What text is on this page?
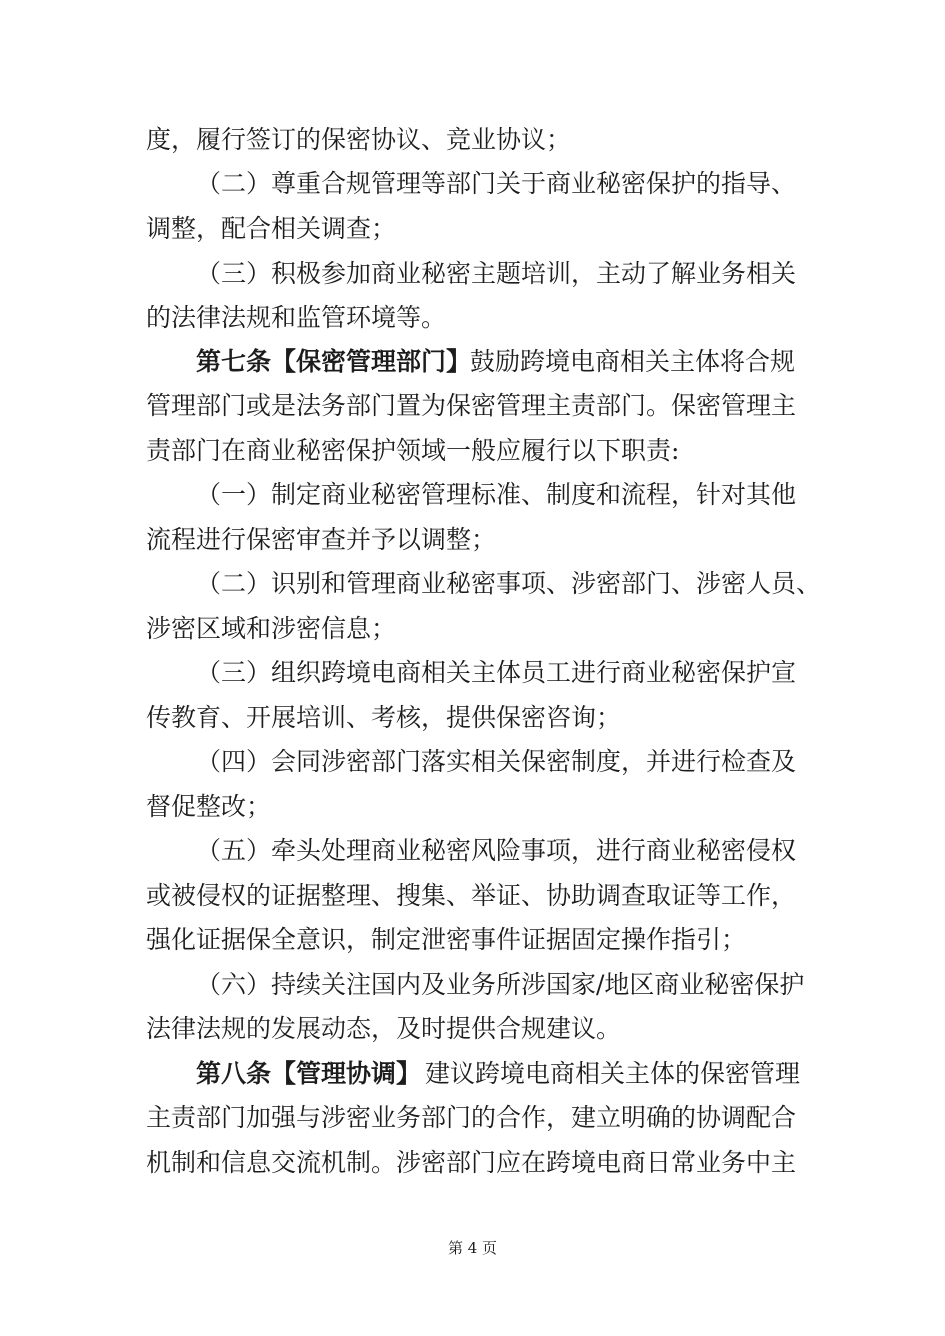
度，履行签订的保密协议、竞业协议；
（二）尊重合规管理等部门关于商业秘密保护的指导、
调整，配合相关调查；
（三）积极参加商业秘密主题培训，主动了解业务相关
的法律法规和监管环境等。
第七条【保密管理部门】
鼓励跨境电商相关主体将合规
管理部门或是法务部门置为保密管理主责部门。保密管理主
责部门在商业秘密保护领域一般应履行以下职责:
（一）制定商业秘密管理标准、制度和流程，针对其他
流程进行保密审查并予以调整；
（二）识别和管理商业秘密事项、涉密部门、涉密人员、
涉密区域和涉密信息；
（三）组织跨境电商相关主体员工进行商业秘密保护宣
传教育、开展培训、考核，提供保密咨询；
（四）会同涉密部门落实相关保密制度，并进行检查及
督促整改；
（五）牵头处理商业秘密风险事项，进行商业秘密侵权
或被侵权的证据整理、搜集、举证、协助调查取证等工作，
强化证据保全意识，制定泄密事件证据固定操作指引；
（六）持续关注国内及业务所涉国家/地区商业秘密保护
法律法规的发展动态，及时提供合规建议。
第八条【管理协调】 建议跨境电商相关主体的保密管理
主责部门加强与涉密业务部门的合作，建立明确的协调配合
机制和信息交流机制。涉密部门应在跨境电商日常业务中主
第 4 页
